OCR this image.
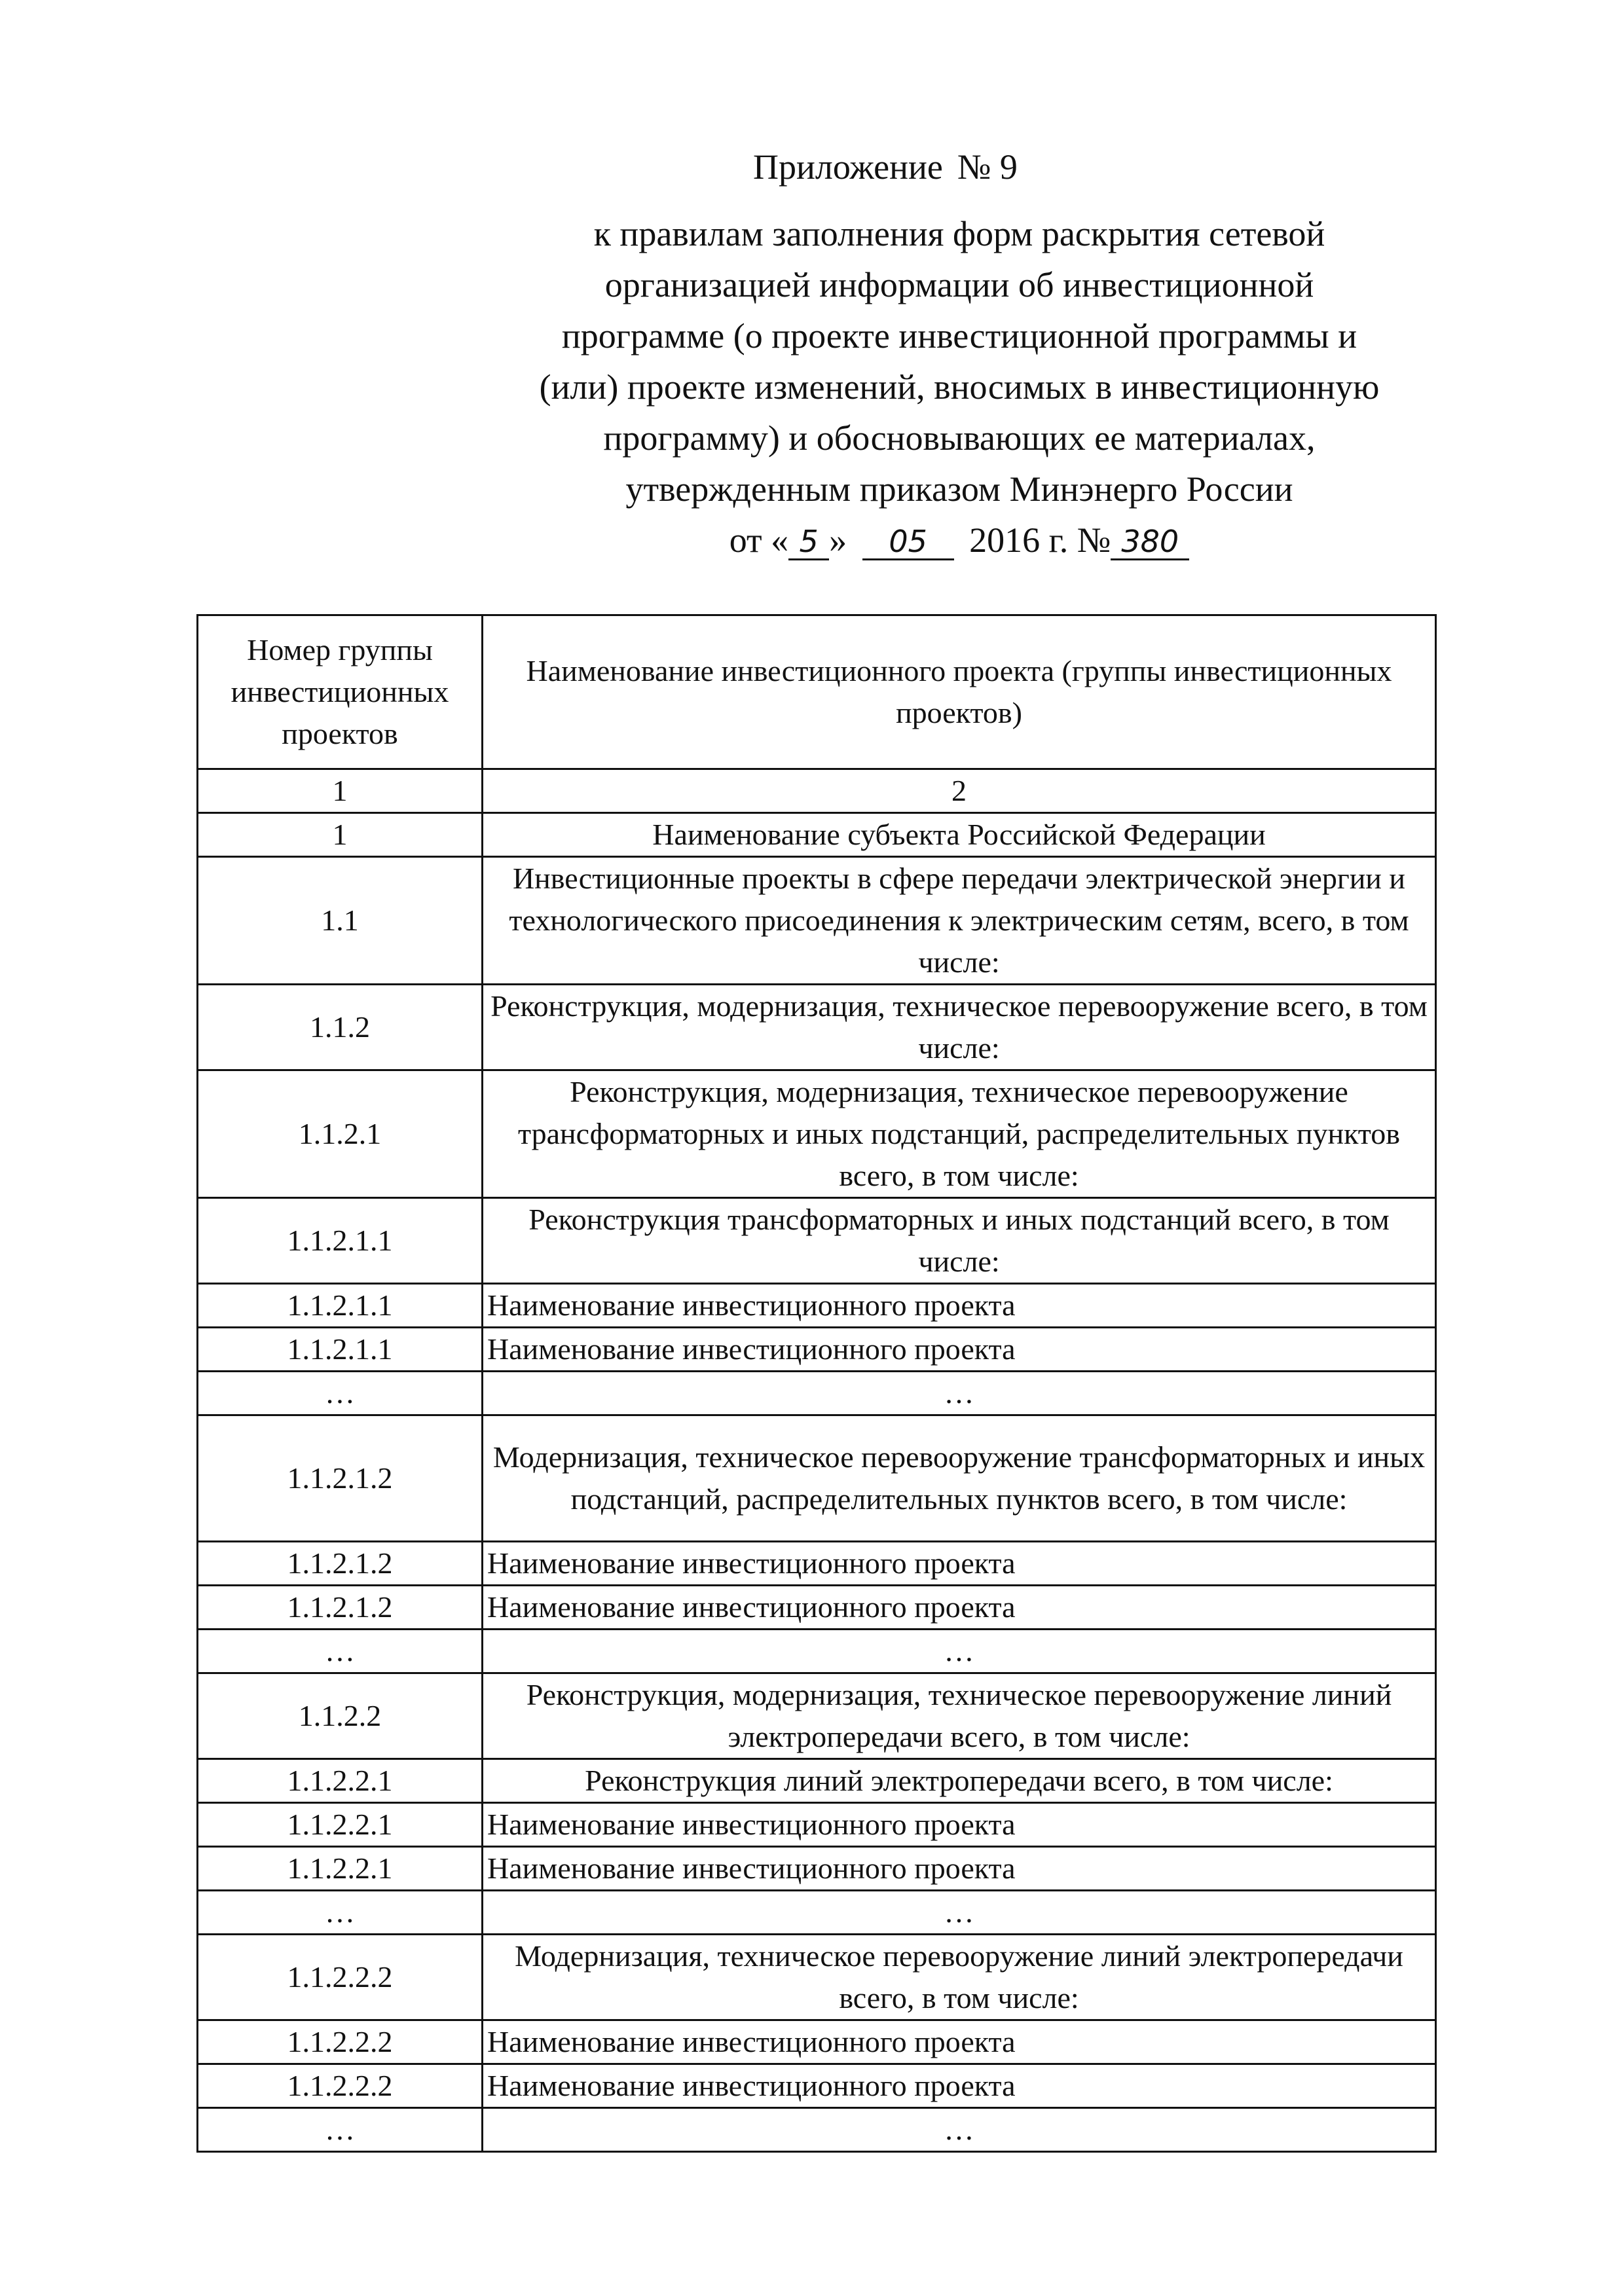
Приложение № 9
к правилам заполнения форм раскрытия сетевой
организацией информации об инвестиционной
программе (о проекте инвестиционной программы и
(или) проекте изменений, вносимых в инвестиционную
программу) и обосновывающих ее материалах,
утвержденным приказом Минэнерго России
от « 5 » 05 2016 г. № 380
Номер группы инвестиционных проектов	Наименование инвестиционного проекта (группы инвестиционных проектов)
1	2
1	Наименование субъекта Российской Федерации
1.1	Инвестиционные проекты в сфере передачи электрической энергии и технологического присоединения к электрическим сетям, всего, в том числе:
1.1.2	Реконструкция, модернизация, техническое перевооружение всего, в том числе:
1.1.2.1	Реконструкция, модернизация, техническое перевооружение трансформаторных и иных подстанций, распределительных пунктов всего, в том числе:
1.1.2.1.1	Реконструкция трансформаторных и иных подстанций всего, в том числе:
1.1.2.1.1	Наименование инвестиционного проекта
1.1.2.1.1	Наименование инвестиционного проекта
…	…
1.1.2.1.2	Модернизация, техническое перевооружение трансформаторных и иных подстанций, распределительных пунктов всего, в том числе:
1.1.2.1.2	Наименование инвестиционного проекта
1.1.2.1.2	Наименование инвестиционного проекта
…	…
1.1.2.2	Реконструкция, модернизация, техническое перевооружение линий электропередачи всего, в том числе:
1.1.2.2.1	Реконструкция линий электропередачи всего, в том числе:
1.1.2.2.1	Наименование инвестиционного проекта
1.1.2.2.1	Наименование инвестиционного проекта
…	…
1.1.2.2.2	Модернизация, техническое перевооружение линий электропередачи всего, в том числе:
1.1.2.2.2	Наименование инвестиционного проекта
1.1.2.2.2	Наименование инвестиционного проекта
…	…
